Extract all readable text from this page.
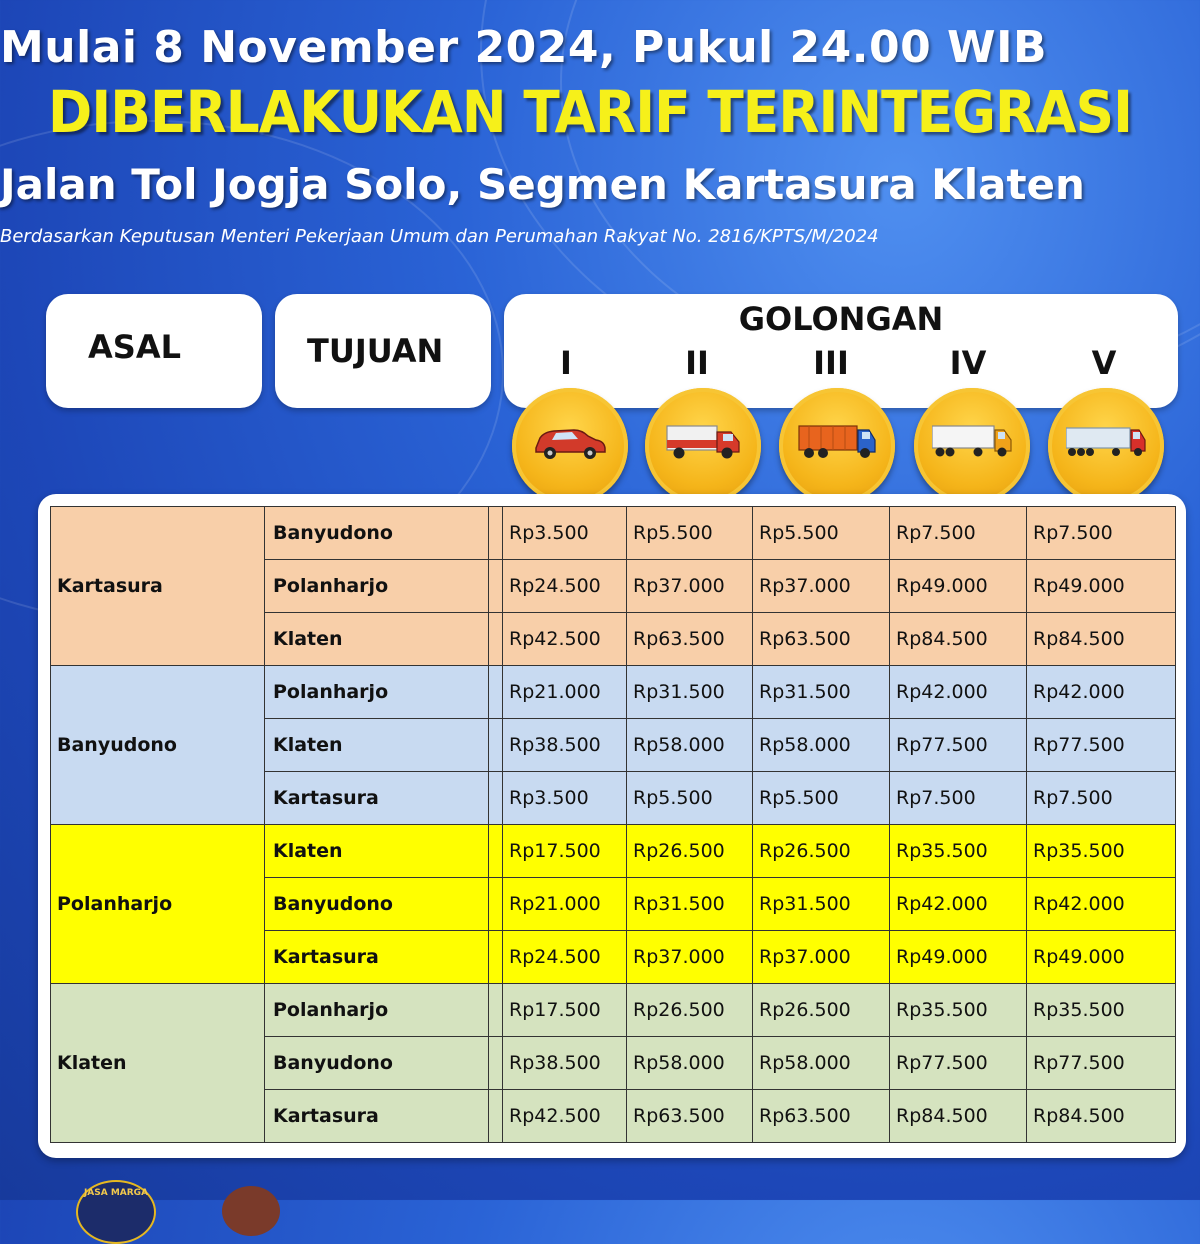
Mulai 8 November 2024, Pukul 24.00 WIB
DIBERLAKUKAN TARIF TERINTEGRASI
Jalan Tol Jogja Solo, Segmen Kartasura Klaten
Berdasarkan Keputusan Menteri Pekerjaan Umum dan Perumahan Rakyat No. 2816/KPTS/M/2024
ASAL	TUJUAN
GOLONGAN
I	II	III	IV	V
	Banyudono		Rp3.500	Rp5.500	Rp5.500	Rp7.500	Rp7.500
Kartasura	Polanharjo		Rp24.500	Rp37.000	Rp37.000	Rp49.000	Rp49.000
	Klaten		Rp42.500	Rp63.500	Rp63.500	Rp84.500	Rp84.500
	Polanharjo		Rp21.000	Rp31.500	Rp31.500	Rp42.000	Rp42.000
Banyudono	Klaten		Rp38.500	Rp58.000	Rp58.000	Rp77.500	Rp77.500
	Kartasura		Rp3.500	Rp5.500	Rp5.500	Rp7.500	Rp7.500
	Klaten		Rp17.500	Rp26.500	Rp26.500	Rp35.500	Rp35.500
Polanharjo	Banyudono		Rp21.000	Rp31.500	Rp31.500	Rp42.000	Rp42.000
	Kartasura		Rp24.500	Rp37.000	Rp37.000	Rp49.000	Rp49.000
	Polanharjo		Rp17.500	Rp26.500	Rp26.500	Rp35.500	Rp35.500
Klaten	Banyudono		Rp38.500	Rp58.000	Rp58.000	Rp77.500	Rp77.500
	Kartasura		Rp42.500	Rp63.500	Rp63.500	Rp84.500	Rp84.500
JASA MARGA
